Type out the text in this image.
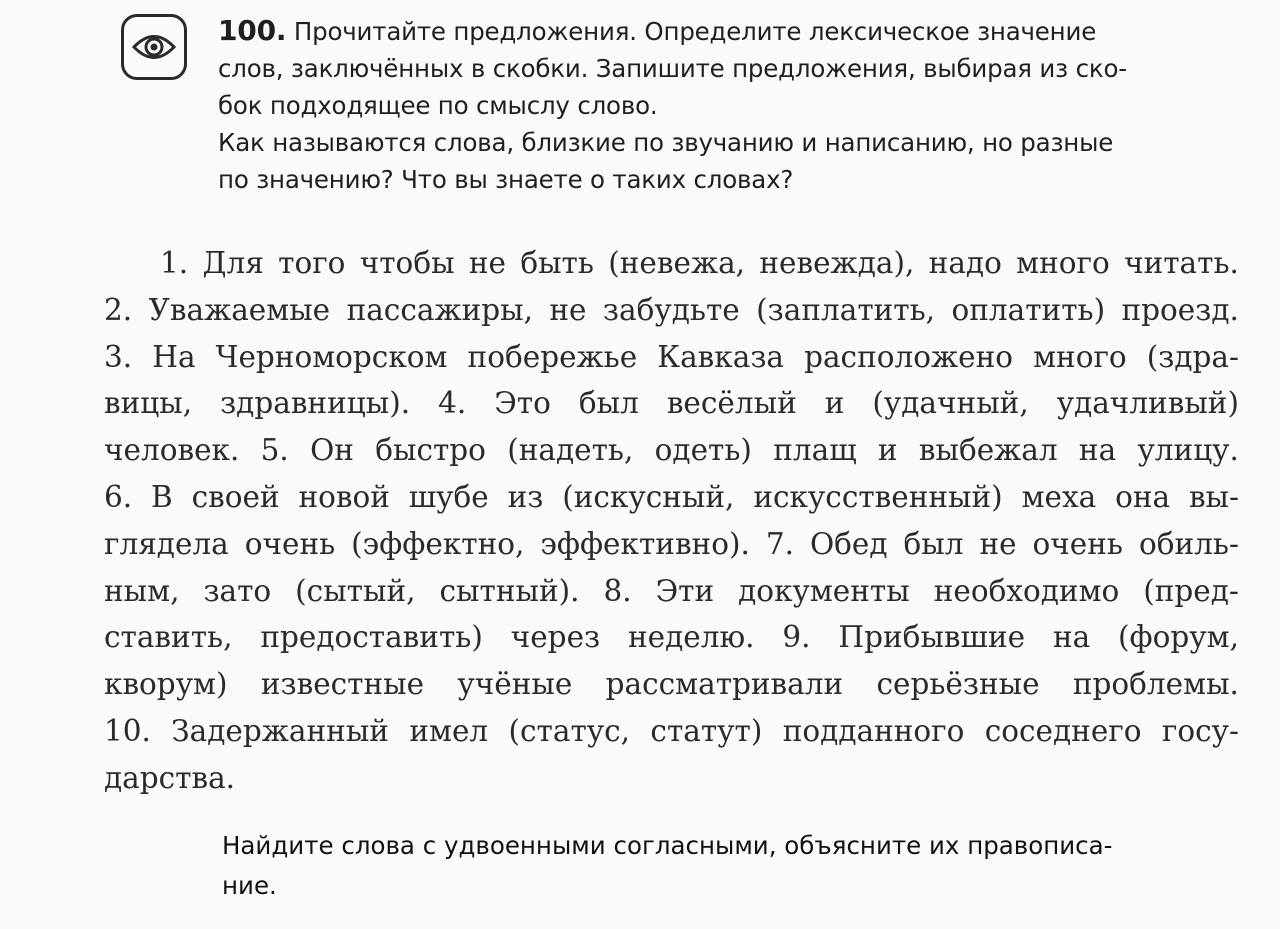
100. Прочитайте предложения. Определите лексическое значение
слов, заключённых в скобки. Запишите предложения, выбирая из ско-
бок подходящее по смыслу слово.
Как называются слова, близкие по звучанию и написанию, но разные
по значению? Что вы знаете о таких словах?
1. Для того чтобы не быть (невежа, невежда), надо много читать.
2. Уважаемые пассажиры, не забудьте (заплатить, оплатить) проезд.
3. На Черноморском побережье Кавказа расположено много (здра-
вицы, здравницы). 4. Это был весёлый и (удачный, удачливый)
человек. 5. Он быстро (надеть, одеть) плащ и выбежал на улицу.
6. В своей новой шубе из (искусный, искусственный) меха она вы-
глядела очень (эффектно, эффективно). 7. Обед был не очень обиль-
ным, зато (сытый, сытный). 8. Эти документы необходимо (пред-
ставить, предоставить) через неделю. 9. Прибывшие на (форум,
кворум) известные учёные рассматривали серьёзные проблемы.
10. Задержанный имел (статус, статут) подданного соседнего госу-
дарства.
Найдите слова с удвоенными согласными, объясните их правописа-
ние.
